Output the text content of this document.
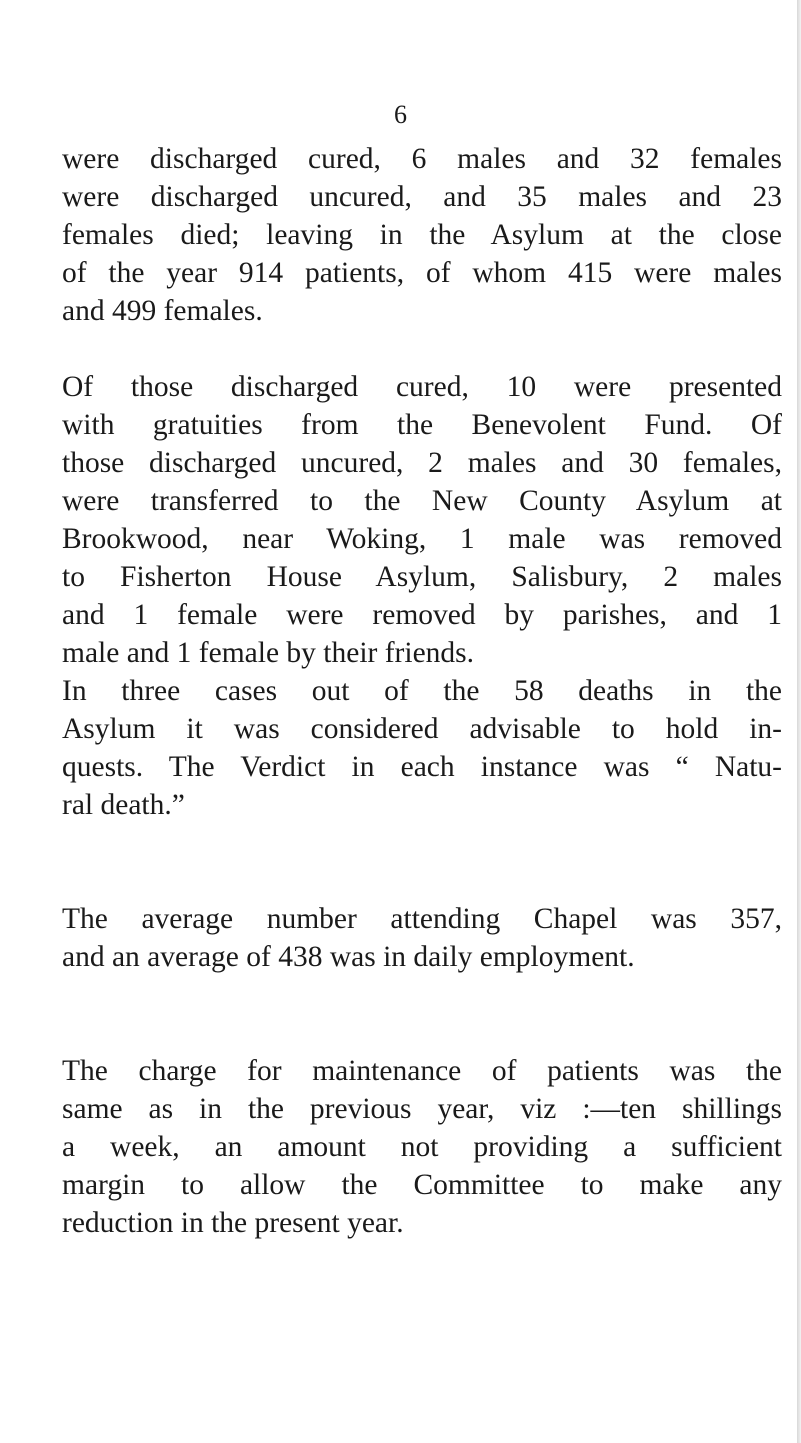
6
were discharged cured, 6 males and 32 females
were discharged uncured, and 35 males and 23
females died; leaving in the Asylum at the close
of the year 914 patients, of whom 415 were males
and 499 females.
Of those discharged cured, 10 were presented
with gratuities from the Benevolent Fund. Of
those discharged uncured, 2 males and 30 females,
were transferred to the New County Asylum at
Brookwood, near Woking, 1 male was removed
to Fisherton House Asylum, Salisbury, 2 males
and 1 female were removed by parishes, and 1
male and 1 female by their friends.
In three cases out of the 58 deaths in the
Asylum it was considered advisable to hold in-
quests. The Verdict in each instance was “ Natu-
ral death.”
The average number attending Chapel was 357,
and an average of 438 was in daily employment.
The charge for maintenance of patients was the
same as in the previous year, viz :—ten shillings
a week, an amount not providing a sufficient
margin to allow the Committee to make any
reduction in the present year.
